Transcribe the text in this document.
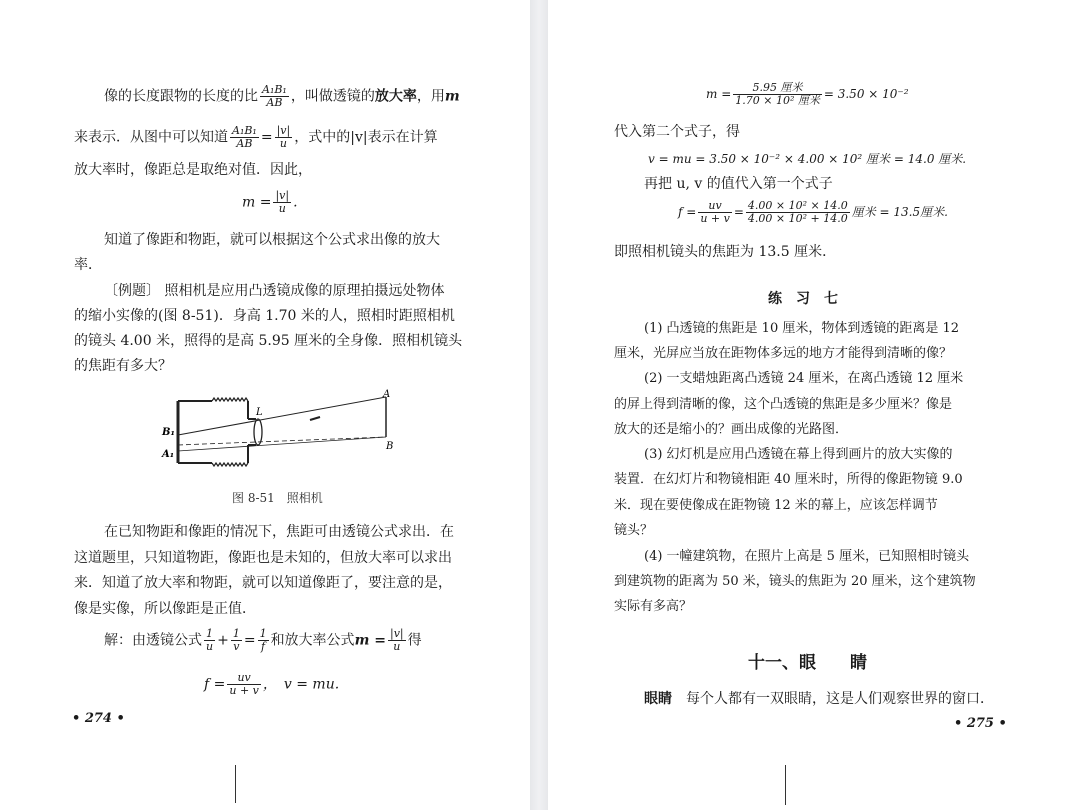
像的长度跟物的长度的比 $\frac{\text{A₁B₁}}{AB}$ ，叫做透镜的放大率，用m
来表示．从图中可以知道 $\frac{\text{A₁B₁}}{AB} = \frac{|v|}{u}$ ，式中的|v|表示在计算
放大率时，像距总是取绝对值．因此，
$m = \frac{|v|}{u}$ .
知道了像距和物距，就可以根据这个公式求出像的放大
率．
〔例题〕 照相机是应用凸透镜成像的原理拍摄远处物体
的缩小实像的(图 8-51)．身高 1.70 米的人，照相时距照相机
的镜头 4.00 米，照得的是高 5.95 厘米的全身像．照相机镜头
的焦距有多大？
A
B
L
B₁
A₁
图 8-51　照相机
在已知物距和像距的情况下，焦距可由透镜公式求出．在
这道题里，只知道物距，像距也是未知的，但放大率可以求出
来．知道了放大率和物距，就可以知道像距了，要注意的是，
像是实像，所以像距是正值．
解：由透镜公式 $\frac{1}{u} + \frac{1}{v} = \frac{1}{f}$ 和放大率公式$m = \frac{|v|}{u}$ 得
$f = \frac{uv}{u + v}$ ，　v = mu.
• 274 •
$m = \frac{\text{5.95 厘米}}{\text{1.70 × 10² 厘米}} = 3.50 \times 10^{-2}$
代入第二个式子，得
v = mu = 3.50 × 10⁻² × 4.00 × 10² 厘米 = 14.0 厘米.
再把 u, v 的值代入第一个式子
$f = \frac{uv}{u + v} = \frac{\text{4.00 × 10² × 14.0}}{\text{4.00 × 10² + 14.0}}$ 厘米 = 13.5厘米.
即照相机镜头的焦距为 13.5 厘米．
练　习　七
(1) 凸透镜的焦距是 10 厘米，物体到透镜的距离是 12
厘米，光屏应当放在距物体多远的地方才能得到清晰的像？
(2) 一支蜡烛距离凸透镜 24 厘米，在离凸透镜 12 厘米
的屏上得到清晰的像，这个凸透镜的焦距是多少厘米？像是
放大的还是缩小的？画出成像的光路图．
(3) 幻灯机是应用凸透镜在幕上得到画片的放大实像的
装置．在幻灯片和物镜相距 40 厘米时，所得的像距物镜 9.0
米．现在要使像成在距物镜 12 米的幕上，应该怎样调节
镜头？
(4) 一幢建筑物，在照片上高是 5 厘米，已知照相时镜头
到建筑物的距离为 50 米，镜头的焦距为 20 厘米，这个建筑物
实际有多高？
十一、眼　　睛
眼睛　每个人都有一双眼睛，这是人们观察世界的窗口．
• 275 •
